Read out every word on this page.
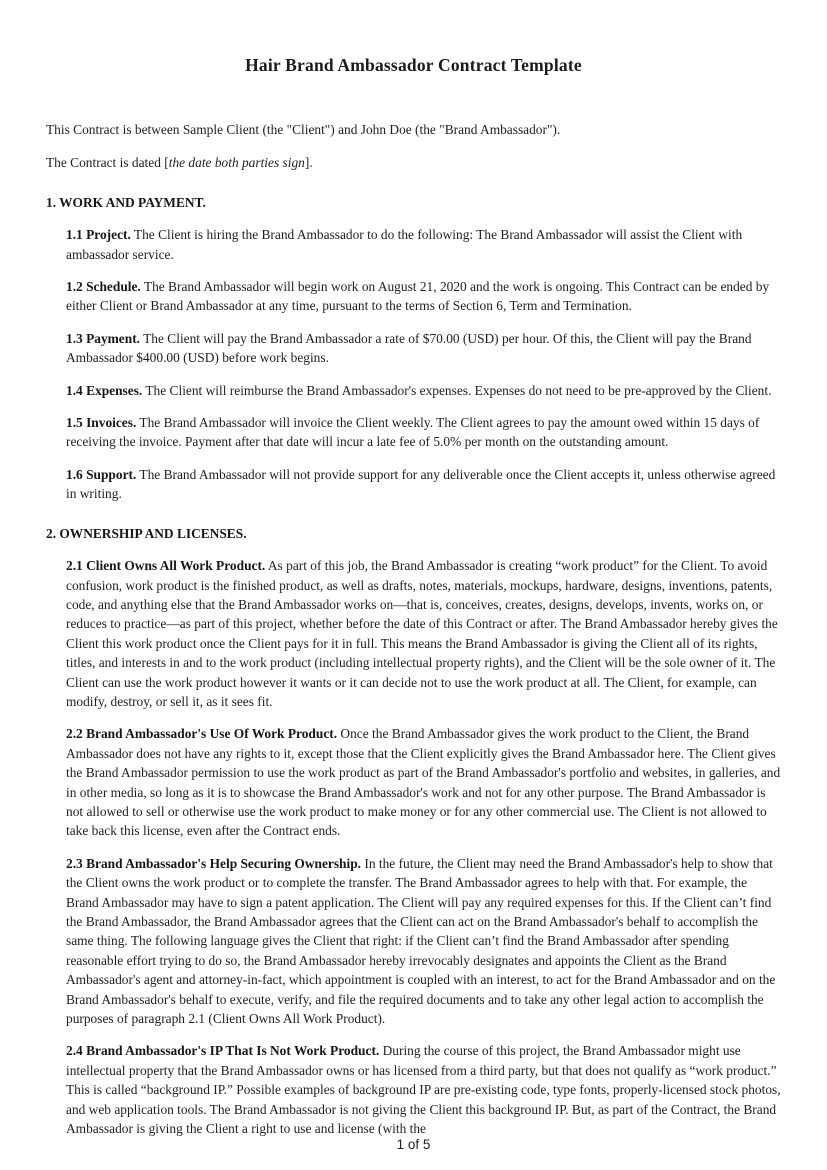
Hair Brand Ambassador Contract Template

This Contract is between Sample Client (the "Client") and John Doe (the "Brand Ambassador").

The Contract is dated [the date both parties sign].

1. WORK AND PAYMENT.

1.1 Project. The Client is hiring the Brand Ambassador to do the following: The Brand Ambassador will assist the Client with ambassador service.

1.2 Schedule. The Brand Ambassador will begin work on August 21, 2020 and the work is ongoing. This Contract can be ended by either Client or Brand Ambassador at any time, pursuant to the terms of Section 6, Term and Termination.

1.3 Payment. The Client will pay the Brand Ambassador a rate of $70.00 (USD) per hour. Of this, the Client will pay the Brand Ambassador $400.00 (USD) before work begins.

1.4 Expenses. The Client will reimburse the Brand Ambassador's expenses. Expenses do not need to be pre-approved by the Client.

1.5 Invoices. The Brand Ambassador will invoice the Client weekly. The Client agrees to pay the amount owed within 15 days of receiving the invoice. Payment after that date will incur a late fee of 5.0% per month on the outstanding amount.

1.6 Support. The Brand Ambassador will not provide support for any deliverable once the Client accepts it, unless otherwise agreed in writing.

2. OWNERSHIP AND LICENSES.

2.1 Client Owns All Work Product. As part of this job, the Brand Ambassador is creating “work product” for the Client. To avoid confusion, work product is the finished product, as well as drafts, notes, materials, mockups, hardware, designs, inventions, patents, code, and anything else that the Brand Ambassador works on—that is, conceives, creates, designs, develops, invents, works on, or reduces to practice—as part of this project, whether before the date of this Contract or after. The Brand Ambassador hereby gives the Client this work product once the Client pays for it in full. This means the Brand Ambassador is giving the Client all of its rights, titles, and interests in and to the work product (including intellectual property rights), and the Client will be the sole owner of it. The Client can use the work product however it wants or it can decide not to use the work product at all. The Client, for example, can modify, destroy, or sell it, as it sees fit.

2.2 Brand Ambassador's Use Of Work Product. Once the Brand Ambassador gives the work product to the Client, the Brand Ambassador does not have any rights to it, except those that the Client explicitly gives the Brand Ambassador here. The Client gives the Brand Ambassador permission to use the work product as part of the Brand Ambassador's portfolio and websites, in galleries, and in other media, so long as it is to showcase the Brand Ambassador's work and not for any other purpose. The Brand Ambassador is not allowed to sell or otherwise use the work product to make money or for any other commercial use. The Client is not allowed to take back this license, even after the Contract ends.

2.3 Brand Ambassador's Help Securing Ownership. In the future, the Client may need the Brand Ambassador's help to show that the Client owns the work product or to complete the transfer. The Brand Ambassador agrees to help with that. For example, the Brand Ambassador may have to sign a patent application. The Client will pay any required expenses for this. If the Client can’t find the Brand Ambassador, the Brand Ambassador agrees that the Client can act on the Brand Ambassador's behalf to accomplish the same thing. The following language gives the Client that right: if the Client can’t find the Brand Ambassador after spending reasonable effort trying to do so, the Brand Ambassador hereby irrevocably designates and appoints the Client as the Brand Ambassador's agent and attorney-in-fact, which appointment is coupled with an interest, to act for the Brand Ambassador and on the Brand Ambassador's behalf to execute, verify, and file the required documents and to take any other legal action to accomplish the purposes of paragraph 2.1 (Client Owns All Work Product).

2.4 Brand Ambassador's IP That Is Not Work Product. During the course of this project, the Brand Ambassador might use intellectual property that the Brand Ambassador owns or has licensed from a third party, but that does not qualify as “work product.” This is called “background IP.” Possible examples of background IP are pre-existing code, type fonts, properly-licensed stock photos, and web application tools. The Brand Ambassador is not giving the Client this background IP. But, as part of the Contract, the Brand Ambassador is giving the Client a right to use and license (with the

1 of 5
